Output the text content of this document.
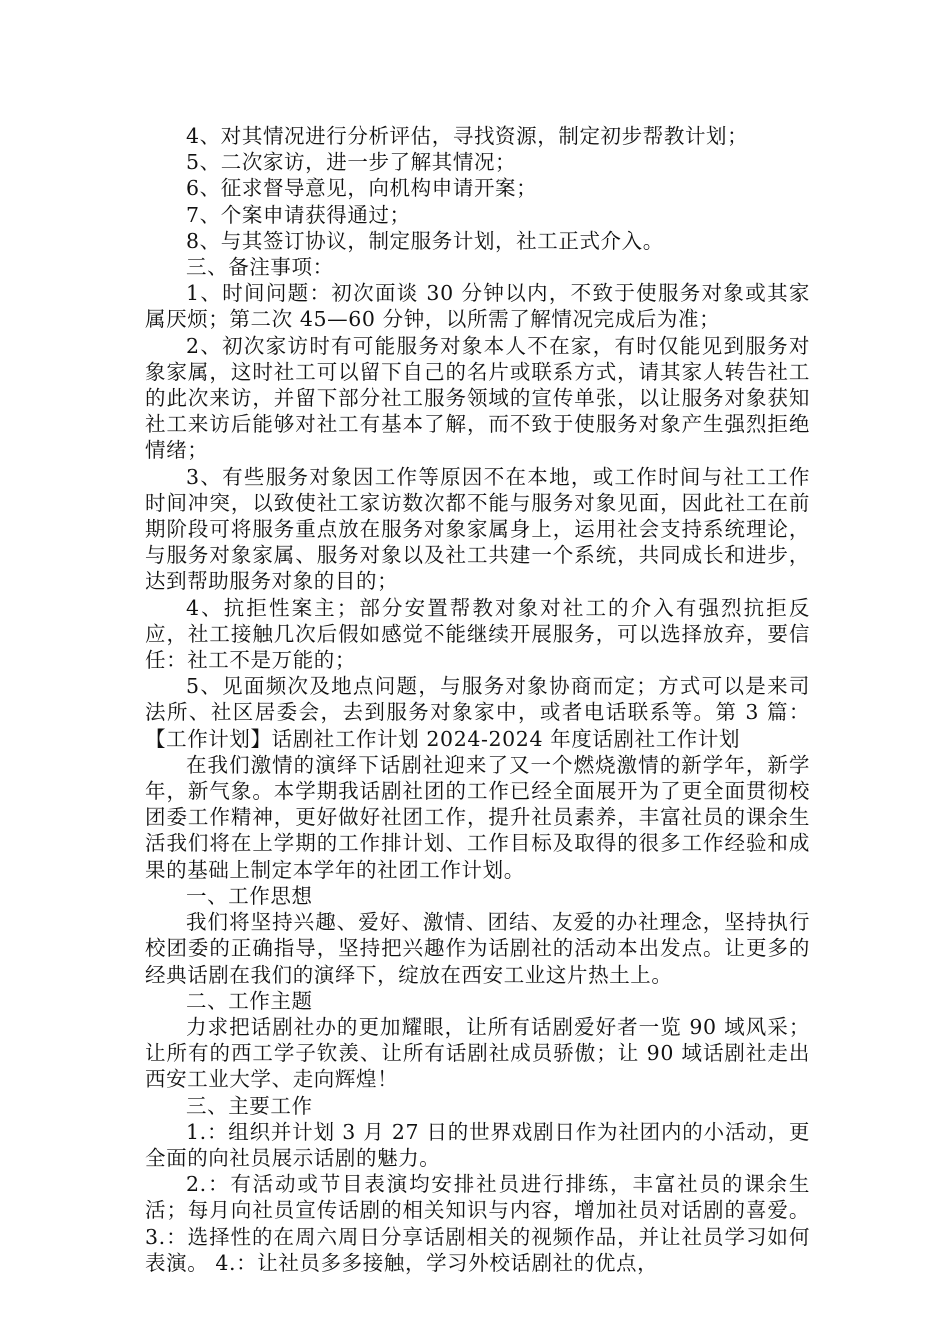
4、对其情况进行分析评估，寻找资源，制定初步帮教计划；

5、二次家访，进一步了解其情况；

6、征求督导意见，向机构申请开案；

7、个案申请获得通过；

8、与其签订协议，制定服务计划，社工正式介入。

三、备注事项：

1、时间问题：初次面谈 30 分钟以内，不致于使服务对象或其家属厌烦；第二次 45—60 分钟，以所需了解情况完成后为准；

2、初次家访时有可能服务对象本人不在家，有时仅能见到服务对象家属，这时社工可以留下自己的名片或联系方式，请其家人转告社工的此次来访，并留下部分社工服务领域的宣传单张，以让服务对象获知社工来访后能够对社工有基本了解，而不致于使服务对象产生强烈拒绝情绪；

3、有些服务对象因工作等原因不在本地，或工作时间与社工工作时间冲突，以致使社工家访数次都不能与服务对象见面，因此社工在前期阶段可将服务重点放在服务对象家属身上，运用社会支持系统理论，与服务对象家属、服务对象以及社工共建一个系统，共同成长和进步，达到帮助服务对象的目的；

4、抗拒性案主；部分安置帮教对象对社工的介入有强烈抗拒反应，社工接触几次后假如感觉不能继续开展服务，可以选择放弃，要信任：社工不是万能的；

5、见面频次及地点问题，与服务对象协商而定；方式可以是来司法所、社区居委会，去到服务对象家中，或者电话联系等。第 3 篇：【工作计划】话剧社工作计划 2024-2024 年度话剧社工作计划

在我们激情的演绎下话剧社迎来了又一个燃烧激情的新学年，新学年，新气象。本学期我话剧社团的工作已经全面展开为了更全面贯彻校团委工作精神，更好做好社团工作，提升社员素养，丰富社员的课余生活我们将在上学期的工作排计划、工作目标及取得的很多工作经验和成果的基础上制定本学年的社团工作计划。

一、工作思想

我们将坚持兴趣、爱好、激情、团结、友爱的办社理念，坚持执行校团委的正确指导，坚持把兴趣作为话剧社的活动本出发点。让更多的经典话剧在我们的演绎下，绽放在西安工业这片热土上。

二、工作主题

力求把话剧社办的更加耀眼，让所有话剧爱好者一览 90 域风采；让所有的西工学子钦羡、让所有话剧社成员骄傲；让 90 域话剧社走出西安工业大学、走向辉煌！

三、主要工作

1.：组织并计划 3 月 27 日的世界戏剧日作为社团内的小活动，更全面的向社员展示话剧的魅力。

2.：有活动或节目表演均安排社员进行排练，丰富社员的课余生活；每月向社员宣传话剧的相关知识与内容，增加社员对话剧的喜爱。 3.：选择性的在周六周日分享话剧相关的视频作品，并让社员学习如何表演。 4.：让社员多多接触，学习外校话剧社的优点，
